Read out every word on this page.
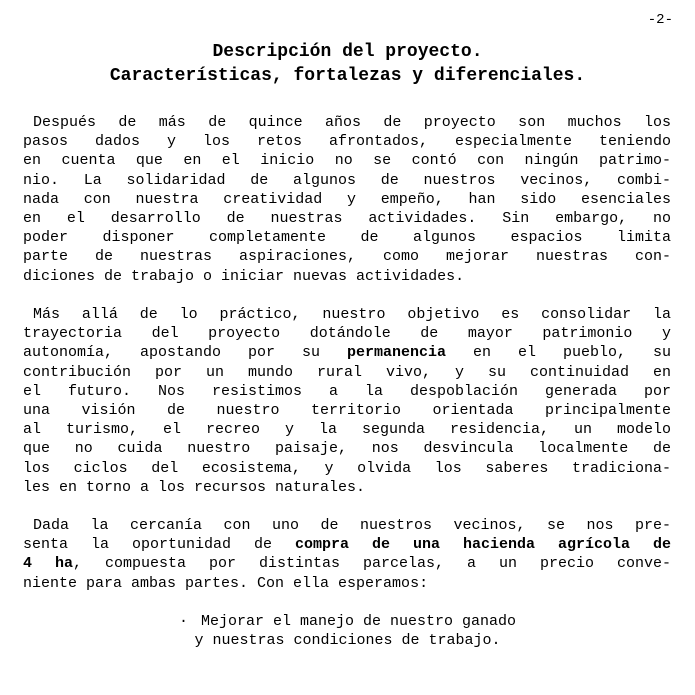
-2-
Descripción del proyecto.
Características, fortalezas y diferenciales.
Después de más de quince años de proyecto son muchos los
pasos dados y los retos afrontados, especialmente teniendo
en cuenta que en el inicio no se contó con ningún patrimo-
nio. La solidaridad de algunos de nuestros vecinos, combi-
nada con nuestra creatividad y empeño, han sido esenciales
en el desarrollo de nuestras actividades. Sin embargo, no
poder disponer completamente de algunos espacios limita
parte de nuestras aspiraciones, como mejorar nuestras con-
diciones de trabajo o iniciar nuevas actividades.
Más allá de lo práctico, nuestro objetivo es consolidar la
trayectoria del proyecto dotándole de mayor patrimonio y
autonomía, apostando por su permanencia en el pueblo, su
contribución por un mundo rural vivo, y su continuidad en
el futuro. Nos resistimos a la despoblación generada por
una visión de nuestro territorio orientada principalmente
al turismo, el recreo y la segunda residencia, un modelo
que no cuida nuestro paisaje, nos desvincula localmente de
los ciclos del ecosistema, y olvida los saberes tradiciona-
les en torno a los recursos naturales.
Dada la cercanía con uno de nuestros vecinos, se nos pre-
senta la oportunidad de compra de una hacienda agrícola de
4 ha, compuesta por distintas parcelas, a un precio conve-
niente para ambas partes. Con ella esperamos:
· Mejorar el manejo de nuestro ganado
y nuestras condiciones de trabajo.
